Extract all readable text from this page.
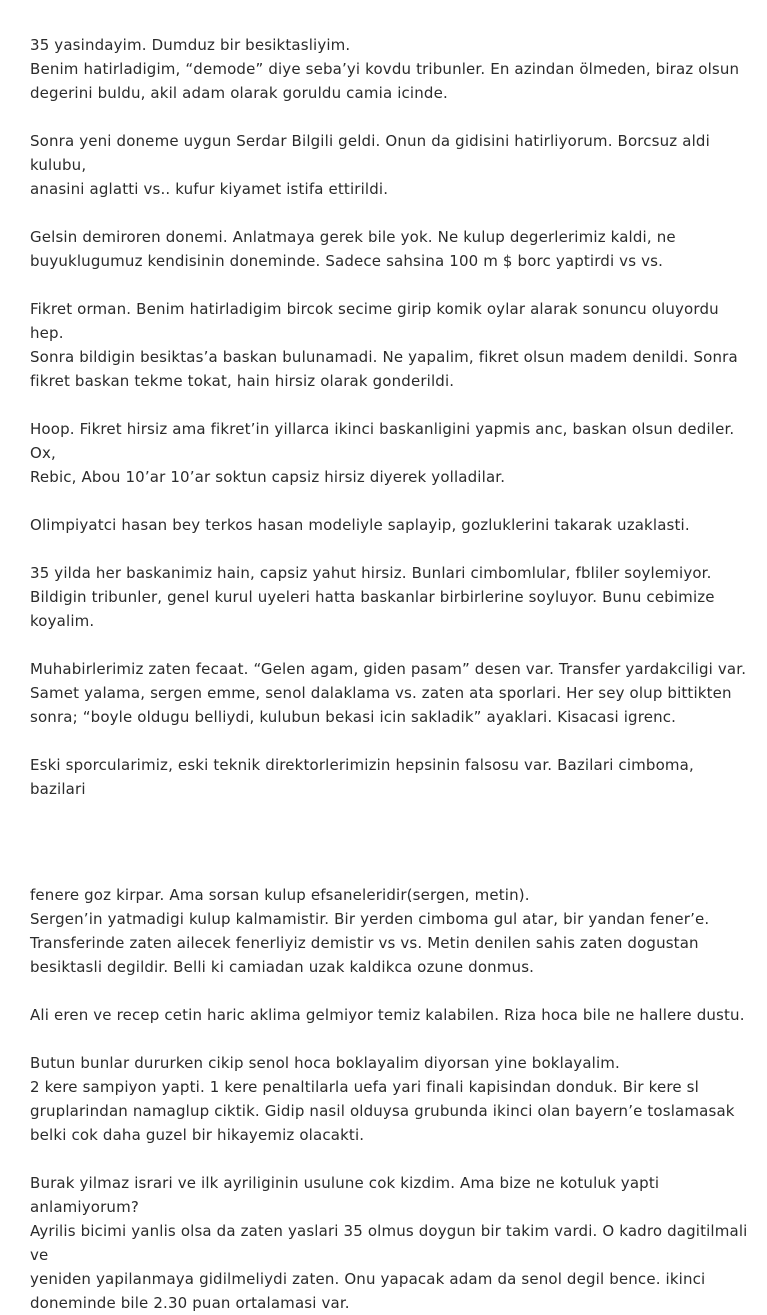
35 yasindayim. Dumduz bir besiktasliyim.
Benim hatirladigim, “demode” diye seba’yi kovdu tribunler. En azindan ölmeden, biraz olsun
degerini buldu, akil adam olarak goruldu camia icinde.

Sonra yeni doneme uygun Serdar Bilgili geldi. Onun da gidisini hatirliyorum. Borcsuz aldi kulubu,
anasini aglatti vs.. kufur kiyamet istifa ettirildi.

Gelsin demiroren donemi. Anlatmaya gerek bile yok. Ne kulup degerlerimiz kaldi, ne
buyuklugumuz kendisinin doneminde. Sadece sahsina 100 m $ borc yaptirdi vs vs.

Fikret orman. Benim hatirladigim bircok secime girip komik oylar alarak sonuncu oluyordu hep.
Sonra bildigin besiktas’a baskan bulunamadi. Ne yapalim, fikret olsun madem denildi. Sonra
fikret baskan tekme tokat, hain hirsiz olarak gonderildi.

Hoop. Fikret hirsiz ama fikret’in yillarca ikinci baskanligini yapmis anc, baskan olsun dediler. Ox,
Rebic, Abou 10’ar 10’ar soktun capsiz hirsiz diyerek yolladilar.

Olimpiyatci hasan bey terkos hasan modeliyle saplayip, gozluklerini takarak uzaklasti.

35 yilda her baskanimiz hain, capsiz yahut hirsiz. Bunlari cimbomlular, fbliler soylemiyor.
Bildigin tribunler, genel kurul uyeleri hatta baskanlar birbirlerine soyluyor. Bunu cebimize
koyalim.

Muhabirlerimiz zaten fecaat. “Gelen agam, giden pasam” desen var. Transfer yardakciligi var.
Samet yalama, sergen emme, senol dalaklama vs. zaten ata sporlari. Her sey olup bittikten
sonra; “boyle oldugu belliydi, kulubun bekasi icin sakladik” ayaklari. Kisacasi igrenc.

Eski sporcularimiz, eski teknik direktorlerimizin hepsinin falsosu var. Bazilari cimboma, bazilari

fenere goz kirpar. Ama sorsan kulup efsaneleridir(sergen, metin).
Sergen’in yatmadigi kulup kalmamistir. Bir yerden cimboma gul atar, bir yandan fener’e.
Transferinde zaten ailecek fenerliyiz demistir vs vs. Metin denilen sahis zaten dogustan
besiktasli degildir. Belli ki camiadan uzak kaldikca ozune donmus.

Ali eren ve recep cetin haric aklima gelmiyor temiz kalabilen. Riza hoca bile ne hallere dustu.

Butun bunlar dururken cikip senol hoca boklayalim diyorsan yine boklayalim.
2 kere sampiyon yapti. 1 kere penaltilarla uefa yari finali kapisindan donduk. Bir kere sl
gruplarindan namaglup ciktik. Gidip nasil olduysa grubunda ikinci olan bayern’e toslamasak
belki cok daha guzel bir hikayemiz olacakti.

Burak yilmaz israri ve ilk ayriliginin usulune cok kizdim. Ama bize ne kotuluk yapti anlamiyorum?
Ayrilis bicimi yanlis olsa da zaten yaslari 35 olmus doygun bir takim vardi. O kadro dagitilmali ve
yeniden yapilanmaya gidilmeliydi zaten. Onu yapacak adam da senol degil bence. ikinci
doneminde bile 2.30 puan ortalamasi var.
